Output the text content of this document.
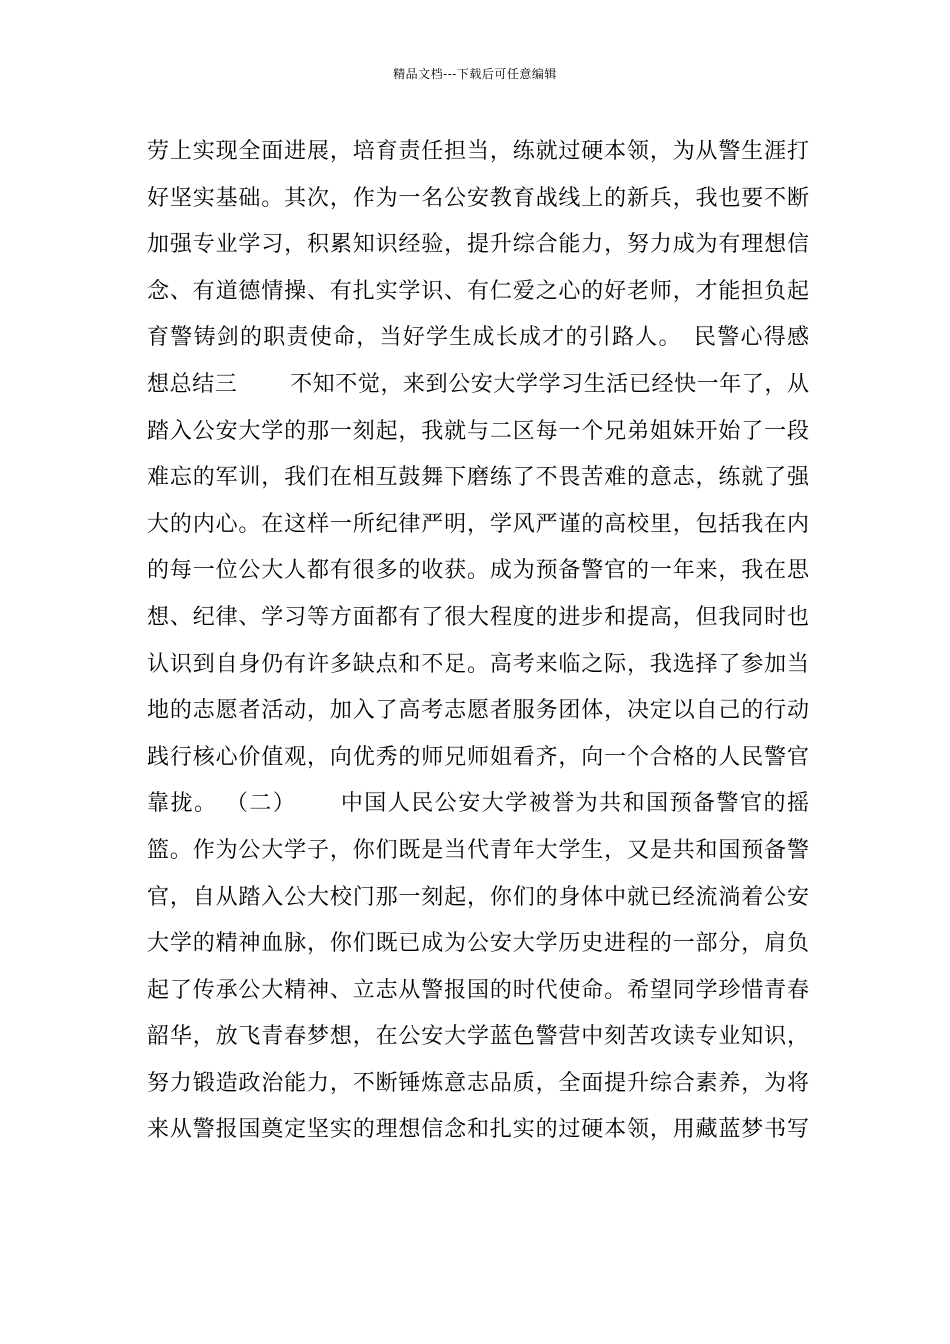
精品文档---下载后可任意编辑
劳上实现全面进展，培育责任担当，练就过硬本领，为从警生涯打
好坚实基础。其次，作为一名公安教育战线上的新兵，我也要不断
加强专业学习，积累知识经验，提升综合能力，努力成为有理想信
念、有道德情操、有扎实学识、有仁爱之心的好老师，才能担负起
育警铸剑的职责使命，当好学生成长成才的引路人。　民警心得感
想总结三　　 不知不觉，来到公安大学学习生活已经快一年了，从
踏入公安大学的那一刻起，我就与二区每一个兄弟姐妹开始了一段
难忘的军训，我们在相互鼓舞下磨练了不畏苦难的意志，练就了强
大的内心。在这样一所纪律严明，学风严谨的高校里，包括我在内
的每一位公大人都有很多的收获。成为预备警官的一年来，我在思
想、纪律、学习等方面都有了很大程度的进步和提高，但我同时也
认识到自身仍有许多缺点和不足。高考来临之际，我选择了参加当
地的志愿者活动，加入了高考志愿者服务团体，决定以自己的行动
践行核心价值观，向优秀的师兄师姐看齐，向一个合格的人民警官
靠拢。 （二）　　 中国人民公安大学被誉为共和国预备警官的摇
篮。作为公大学子，你们既是当代青年大学生，又是共和国预备警
官，自从踏入公大校门那一刻起，你们的身体中就已经流淌着公安
大学的精神血脉，你们既已成为公安大学历史进程的一部分，肩负
起了传承公大精神、立志从警报国的时代使命。希望同学珍惜青春
韶华，放飞青春梦想，在公安大学蓝色警营中刻苦攻读专业知识，
努力锻造政治能力，不断锤炼意志品质，全面提升综合素养，为将
来从警报国奠定坚实的理想信念和扎实的过硬本领，用藏蓝梦书写
